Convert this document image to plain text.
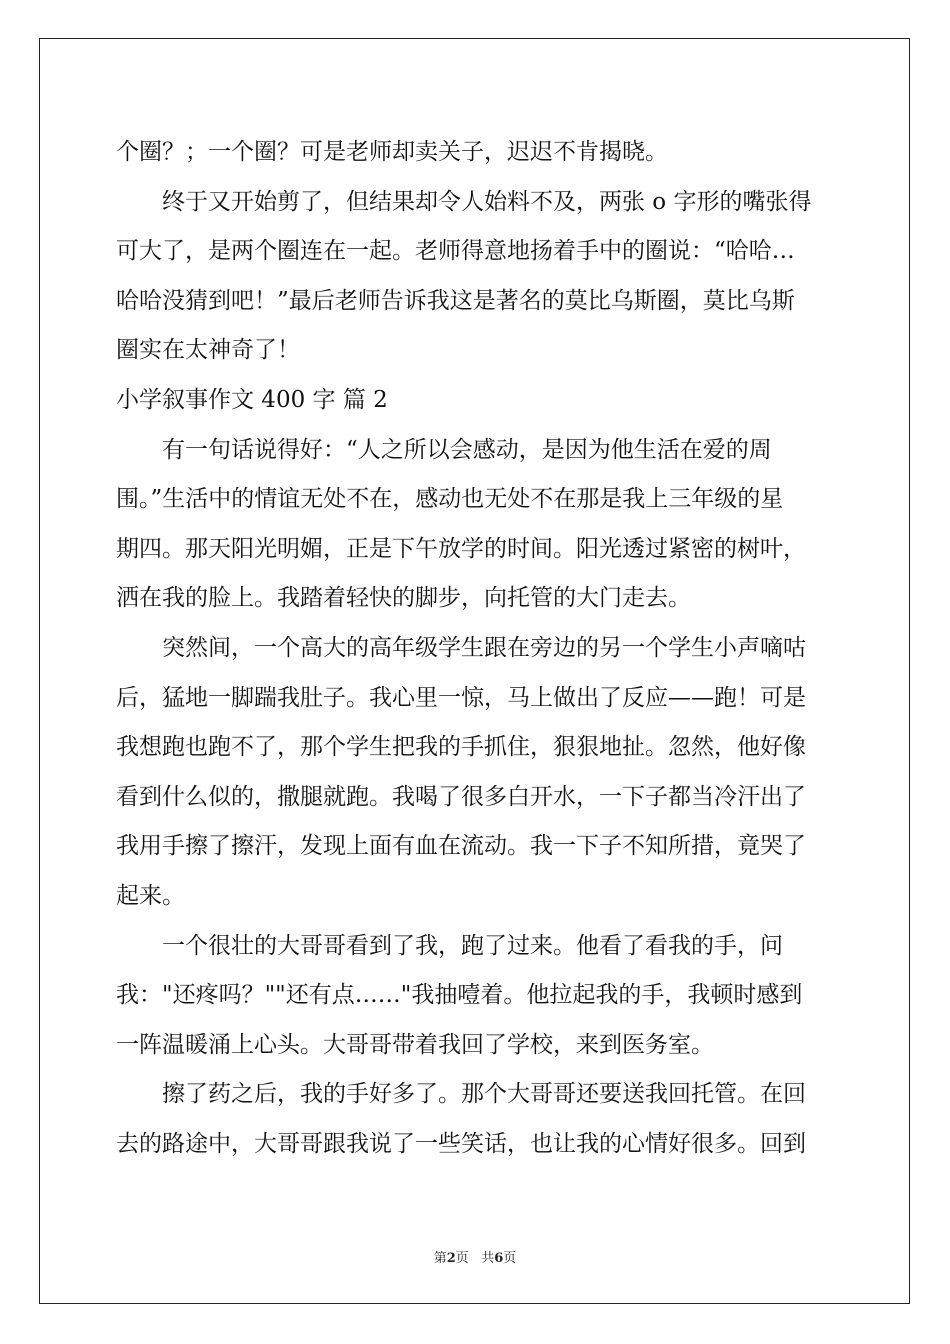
个圈？；一个圈？可是老师却卖关子，迟迟不肯揭晓。
　　终于又开始剪了，但结果却令人始料不及，两张 o 字形的嘴张得
可大了，是两个圈连在一起。老师得意地扬着手中的圈说：“哈哈…
哈哈没猜到吧！”最后老师告诉我这是著名的莫比乌斯圈，莫比乌斯
圈实在太神奇了！
小学叙事作文 400 字 篇 2
　　有一句话说得好：“人之所以会感动，是因为他生活在爱的周
围。”生活中的情谊无处不在，感动也无处不在那是我上三年级的星
期四。那天阳光明媚，正是下午放学的时间。阳光透过紧密的树叶，
洒在我的脸上。我踏着轻快的脚步，向托管的大门走去。
　　突然间，一个高大的高年级学生跟在旁边的另一个学生小声嘀咕
后，猛地一脚踹我肚子。我心里一惊，马上做出了反应——跑！可是
我想跑也跑不了，那个学生把我的手抓住，狠狠地扯。忽然，他好像
看到什么似的，撒腿就跑。我喝了很多白开水，一下子都当冷汗出了
我用手擦了擦汗，发现上面有血在流动。我一下子不知所措，竟哭了
起来。
　　一个很壮的大哥哥看到了我，跑了过来。他看了看我的手，问
我："还疼吗？""还有点……"我抽噎着。他拉起我的手，我顿时感到
一阵温暖涌上心头。大哥哥带着我回了学校，来到医务室。
　　擦了药之后，我的手好多了。那个大哥哥还要送我回托管。在回
去的路途中，大哥哥跟我说了一些笑话，也让我的心情好很多。回到
第2页 共6页
